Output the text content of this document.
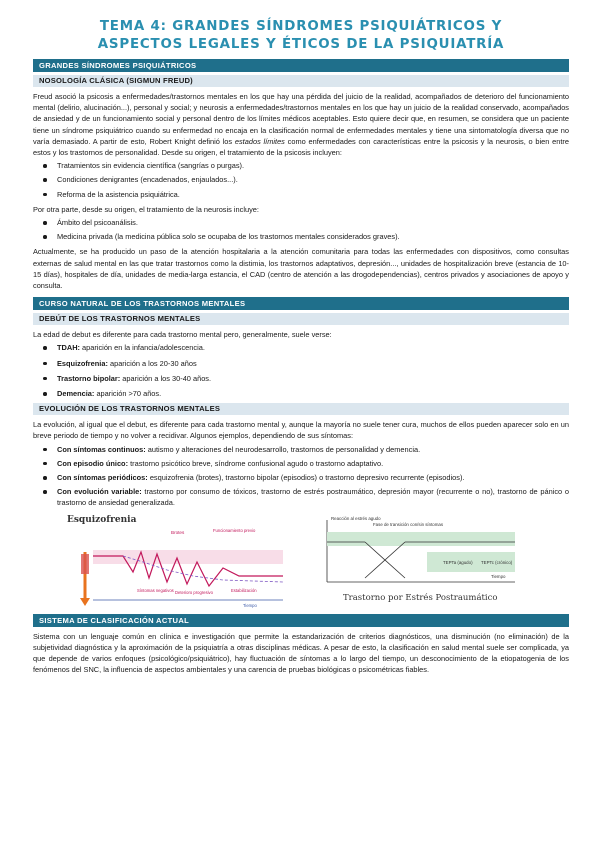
TEMA 4: GRANDES SÍNDROMES PSIQUIÁTRICOS Y
ASPECTOS LEGALES Y ÉTICOS DE LA PSIQUIATRÍA
GRANDES SÍNDROMES PSIQUIÁTRICOS
NOSOLOGÍA CLÁSICA (SIGMUN FREUD)

Freud asoció la psicosis a enfermedades/trastornos mentales en los que hay una pérdida del juicio de la realidad, acompañados de deterioro del funcionamiento mental (delirio, alucinación...), personal y social; y neurosis a enfermedades/trastornos mentales en los que hay un juicio de la realidad conservado, acompañados de ansiedad y de un funcionamiento social y personal dentro de los límites médicos aceptables. Esto quiere decir que, en resumen, se considera que un paciente tiene un síndrome psiquiátrico cuando su enfermedad no encaja en la clasificación normal de enfermedades mentales y tiene una sintomatología diversa que no varía demasiado. A partir de esto, Robert Knight definió los estados límites como enfermedades con características entre la psicosis y la neurosis, o bien entre estos y los trastornos de personalidad. Desde su origen, el tratamiento de la psicosis incluyen:

Tratamientos sin evidencia científica (sangrías o purgas).
Condiciones denigrantes (encadenados, enjaulados...).
Reforma de la asistencia psiquiátrica.

Por otra parte, desde su origen, el tratamiento de la neurosis incluye:

Ámbito del psicoanálisis.
Medicina privada (la medicina pública solo se ocupaba de los trastornos mentales considerados graves).

Actualmente, se ha producido un paso de la atención hospitalaria a la atención comunitaria para todas las enfermedades con dispositivos, como consultas externas de salud mental en las que tratar trastornos como la distimia, los trastornos adaptativos, depresión..., unidades de hospitalización breve (estancia de 10-15 días), hospitales de día, unidades de media-larga estancia, el CAD (centro de atención a las drogodependencias), centros privados y asociaciones de apoyo y consulta.

CURSO NATURAL DE LOS TRASTORNOS MENTALES
DEBÚT DE LOS TRASTORNOS MENTALES

La edad de debut es diferente para cada trastorno mental pero, generalmente, suele verse:

TDAH: aparición en la infancia/adolescencia.
Esquizofrenia: aparición a los 20-30 años
Trastorno bipolar: aparición a los 30-40 años.
Demencia: aparición >70 años.
EVOLUCIÓN DE LOS TRASTORNOS MENTALES

La evolución, al igual que el debut, es diferente para cada trastorno mental y, aunque la mayoría no suele tener cura, muchos de ellos pueden aparecer solo en un breve periodo de tiempo y no volver a recidivar. Algunos ejemplos, dependiendo de sus síntomas:

Con síntomas continuos: autismo y alteraciones del neurodesarrollo, trastornos de personalidad y demencia.
Con episodio único: trastorno psicótico breve, síndrome confusional agudo o trastorno adaptativo.
Con síntomas periódicos: esquizofrenia (brotes), trastorno bipolar (episodios) o trastorno depresivo recurrente (episodios).
Con evolución variable: trastorno por consumo de tóxicos, trastorno de estrés postraumático, depresión mayor (recurrente o no), trastorno de pánico o trastorno de ansiedad generalizada.
Esquizofrenia
Brotes	Funcionamiento previo
Síntomas negativos Deterioro progresivo	Estabilización
Tiempo
Reacción al estrés agudo
Fase de transición con/sin síntomas
TEPTa (agudo) TEPTc (crónico)
Tiempo
Trastorno por Estrés Postraumático
SISTEMA DE CLASIFICACIÓN ACTUAL

Sistema con un lenguaje común en clínica e investigación que permite la estandarización de criterios diagnósticos, una disminución (no eliminación) de la subjetividad diagnóstica y la aproximación de la psiquiatría a otras disciplinas médicas. A pesar de esto, la clasificación en salud mental suele ser complicada, ya que depende de varios enfoques (psicológico/psiquiátrico), hay fluctuación de síntomas a lo largo del tiempo, un desconocimiento de la etiopatogenia de los fenómenos del SNC, la influencia de aspectos ambientales y una carencia de pruebas biológicas o psicométricas fiables.
